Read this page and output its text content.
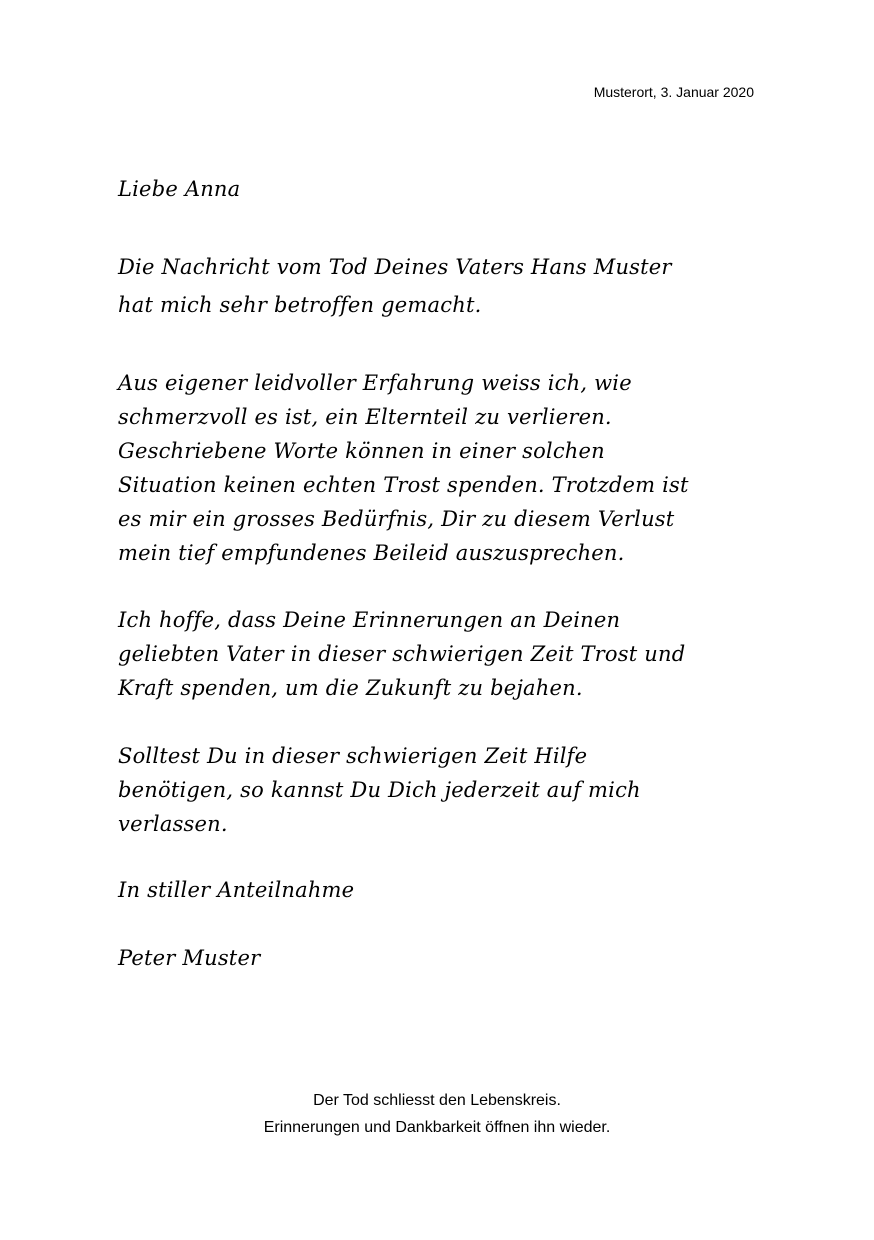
Musterort, 3. Januar 2020
Liebe Anna
Die Nachricht vom Tod Deines Vaters Hans Muster
hat mich sehr betroffen gemacht.
Aus eigener leidvoller Erfahrung weiss ich, wie
schmerzvoll es ist, ein Elternteil zu verlieren.
Geschriebene Worte können in einer solchen
Situation keinen echten Trost spenden. Trotzdem ist
es mir ein grosses Bedürfnis, Dir zu diesem Verlust
mein tief empfundenes Beileid auszusprechen.
Ich hoffe, dass Deine Erinnerungen an Deinen
geliebten Vater in dieser schwierigen Zeit Trost und
Kraft spenden, um die Zukunft zu bejahen.
Solltest Du in dieser schwierigen Zeit Hilfe
benötigen, so kannst Du Dich jederzeit auf mich
verlassen.
In stiller Anteilnahme
Peter Muster
Der Tod schliesst den Lebenskreis.
Erinnerungen und Dankbarkeit öffnen ihn wieder.
